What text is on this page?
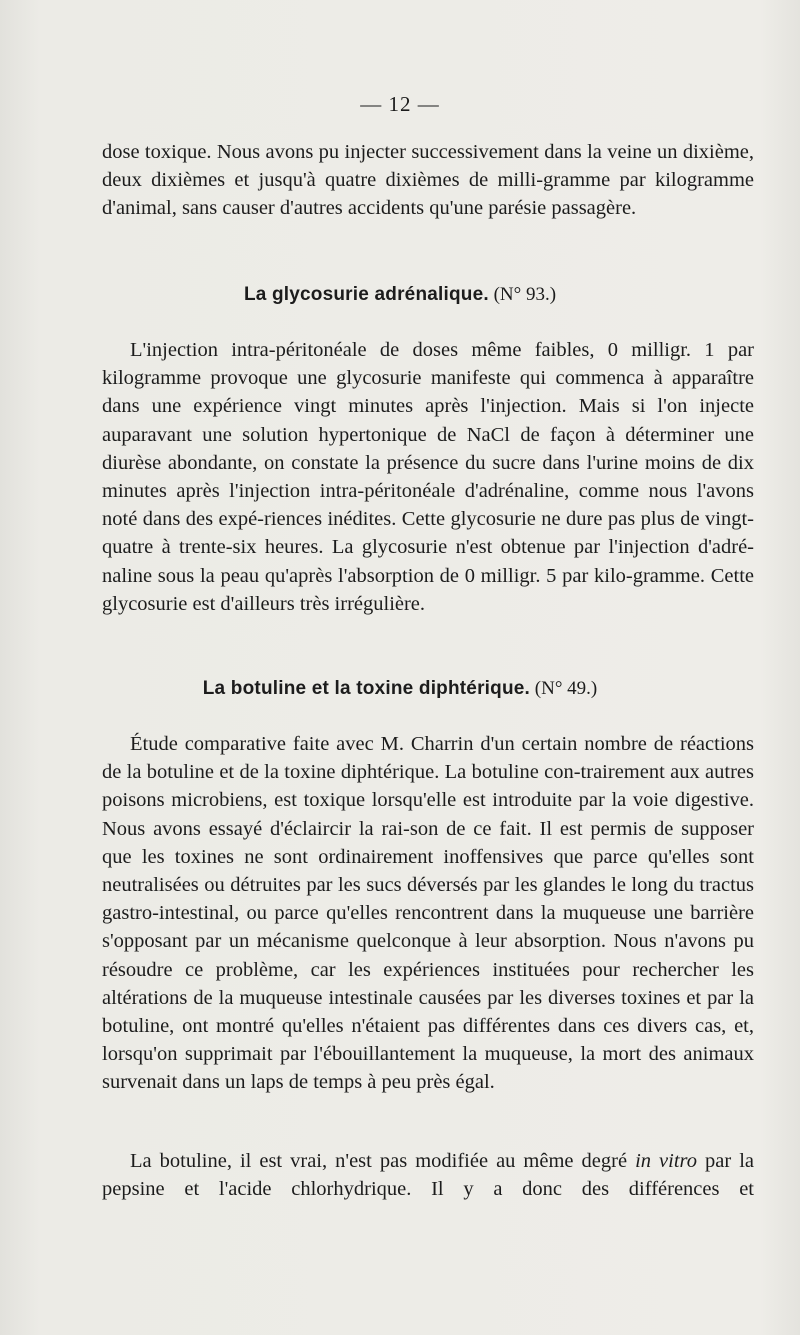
— 12 —
dose toxique. Nous avons pu injecter successivement dans la veine un dixième, deux dixièmes et jusqu'à quatre dixièmes de milli-gramme par kilogramme d'animal, sans causer d'autres accidents qu'une parésie passagère.
La glycosurie adrénalique. (N° 93.)
L'injection intra-péritonéale de doses même faibles, 0 milligr. 1 par kilogramme provoque une glycosurie manifeste qui commenca à apparaître dans une expérience vingt minutes après l'injection. Mais si l'on injecte auparavant une solution hypertonique de NaCl de façon à déterminer une diurèse abondante, on constate la présence du sucre dans l'urine moins de dix minutes après l'injection intra-péritonéale d'adrénaline, comme nous l'avons noté dans des expé-riences inédites. Cette glycosurie ne dure pas plus de vingt-quatre à trente-six heures. La glycosurie n'est obtenue par l'injection d'adré-naline sous la peau qu'après l'absorption de 0 milligr. 5 par kilo-gramme. Cette glycosurie est d'ailleurs très irrégulière.
La botuline et la toxine diphtérique. (N° 49.)
Étude comparative faite avec M. Charrin d'un certain nombre de réactions de la botuline et de la toxine diphtérique. La botuline con-trairement aux autres poisons microbiens, est toxique lorsqu'elle est introduite par la voie digestive. Nous avons essayé d'éclaircir la rai-son de ce fait. Il est permis de supposer que les toxines ne sont ordinairement inoffensives que parce qu'elles sont neutralisées ou détruites par les sucs déversés par les glandes le long du tractus gastro-intestinal, ou parce qu'elles rencontrent dans la muqueuse une barrière s'opposant par un mécanisme quelconque à leur absorption. Nous n'avons pu résoudre ce problème, car les expériences instituées pour rechercher les altérations de la muqueuse intestinale causées par les diverses toxines et par la botuline, ont montré qu'elles n'étaient pas différentes dans ces divers cas, et, lorsqu'on supprimait par l'ébouillantement la muqueuse, la mort des animaux survenait dans un laps de temps à peu près égal.
La botuline, il est vrai, n'est pas modifiée au même degré in vitro par la pepsine et l'acide chlorhydrique. Il y a donc des différences et
